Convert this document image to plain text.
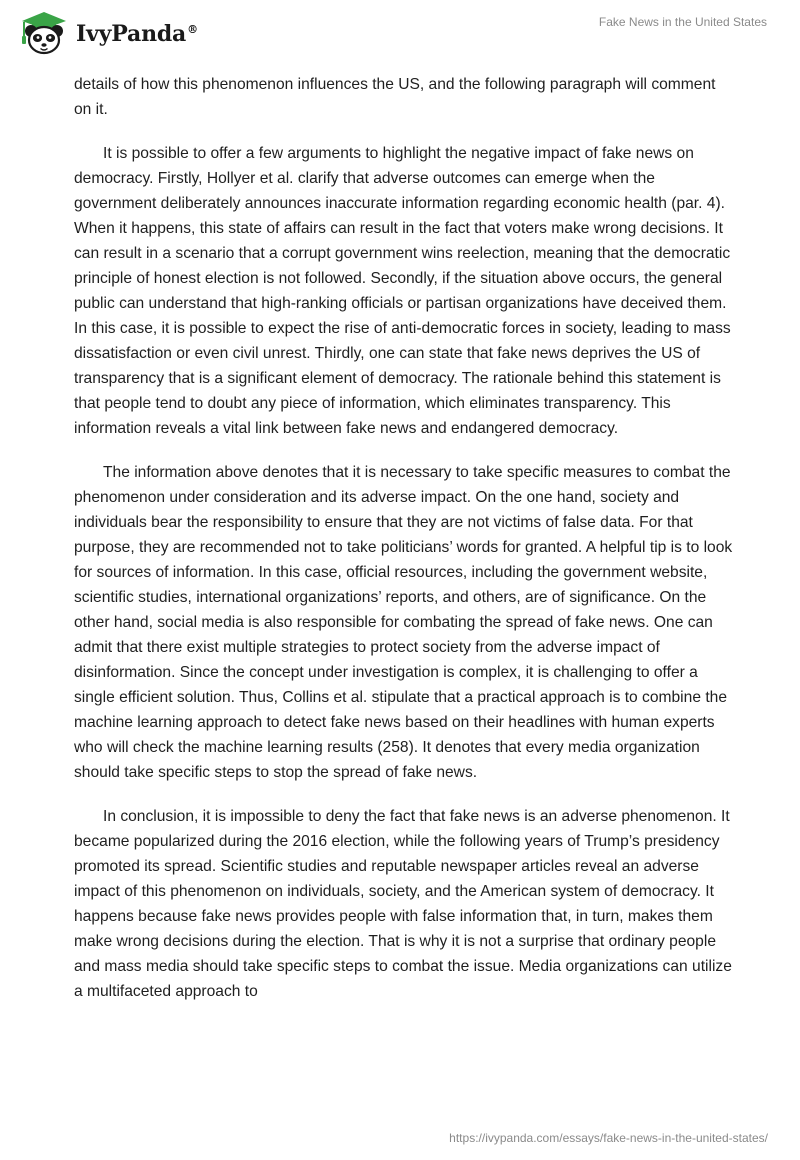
IvyPanda®
Fake News in the United States

details of how this phenomenon influences the US, and the following paragraph will comment on it.

It is possible to offer a few arguments to highlight the negative impact of fake news on democracy. Firstly, Hollyer et al. clarify that adverse outcomes can emerge when the government deliberately announces inaccurate information regarding economic health (par. 4). When it happens, this state of affairs can result in the fact that voters make wrong decisions. It can result in a scenario that a corrupt government wins reelection, meaning that the democratic principle of honest election is not followed. Secondly, if the situation above occurs, the general public can understand that high-ranking officials or partisan organizations have deceived them. In this case, it is possible to expect the rise of anti-democratic forces in society, leading to mass dissatisfaction or even civil unrest. Thirdly, one can state that fake news deprives the US of transparency that is a significant element of democracy. The rationale behind this statement is that people tend to doubt any piece of information, which eliminates transparency. This information reveals a vital link between fake news and endangered democracy.

The information above denotes that it is necessary to take specific measures to combat the phenomenon under consideration and its adverse impact. On the one hand, society and individuals bear the responsibility to ensure that they are not victims of false data. For that purpose, they are recommended not to take politicians’ words for granted. A helpful tip is to look for sources of information. In this case, official resources, including the government website, scientific studies, international organizations’ reports, and others, are of significance. On the other hand, social media is also responsible for combating the spread of fake news. One can admit that there exist multiple strategies to protect society from the adverse impact of disinformation. Since the concept under investigation is complex, it is challenging to offer a single efficient solution. Thus, Collins et al. stipulate that a practical approach is to combine the machine learning approach to detect fake news based on their headlines with human experts who will check the machine learning results (258). It denotes that every media organization should take specific steps to stop the spread of fake news.

In conclusion, it is impossible to deny the fact that fake news is an adverse phenomenon. It became popularized during the 2016 election, while the following years of Trump’s presidency promoted its spread. Scientific studies and reputable newspaper articles reveal an adverse impact of this phenomenon on individuals, society, and the American system of democracy. It happens because fake news provides people with false information that, in turn, makes them make wrong decisions during the election. That is why it is not a surprise that ordinary people and mass media should take specific steps to combat the issue. Media organizations can utilize a multifaceted approach to

https://ivypanda.com/essays/fake-news-in-the-united-states/
